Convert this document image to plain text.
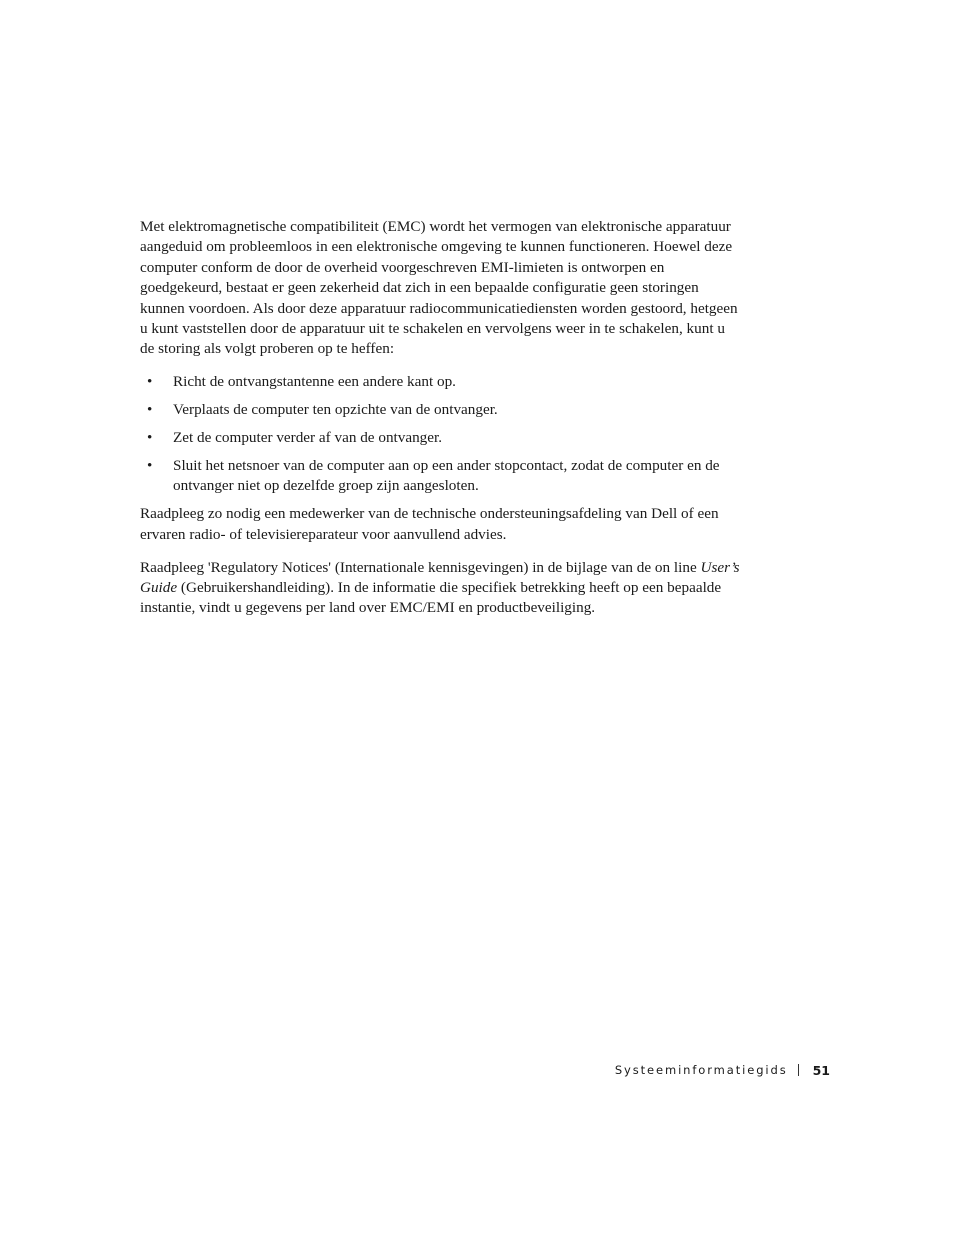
Met elektromagnetische compatibiliteit (EMC) wordt het vermogen van elektronische apparatuur aangeduid om probleemloos in een elektronische omgeving te kunnen functioneren. Hoewel deze computer conform de door de overheid voorgeschreven EMI-limieten is ontworpen en goedgekeurd, bestaat er geen zekerheid dat zich in een bepaalde configuratie geen storingen kunnen voordoen. Als door deze apparatuur radiocommunicatiediensten worden gestoord, hetgeen u kunt vaststellen door de apparatuur uit te schakelen en vervolgens weer in te schakelen, kunt u de storing als volgt proberen op te heffen:

• Richt de ontvangstantenne een andere kant op.
• Verplaats de computer ten opzichte van de ontvanger.
• Zet de computer verder af van de ontvanger.
• Sluit het netsnoer van de computer aan op een ander stopcontact, zodat de computer en de ontvanger niet op dezelfde groep zijn aangesloten.

Raadpleeg zo nodig een medewerker van de technische ondersteuningsafdeling van Dell of een ervaren radio- of televisiereparateur voor aanvullend advies.

Raadpleeg 'Regulatory Notices' (Internationale kennisgevingen) in de bijlage van de on line User’s Guide (Gebruikershandleiding). In de informatie die specifiek betrekking heeft op een bepaalde instantie, vindt u gegevens per land over EMC/EMI en productbeveiliging.

Systeeminformatiegids 51
